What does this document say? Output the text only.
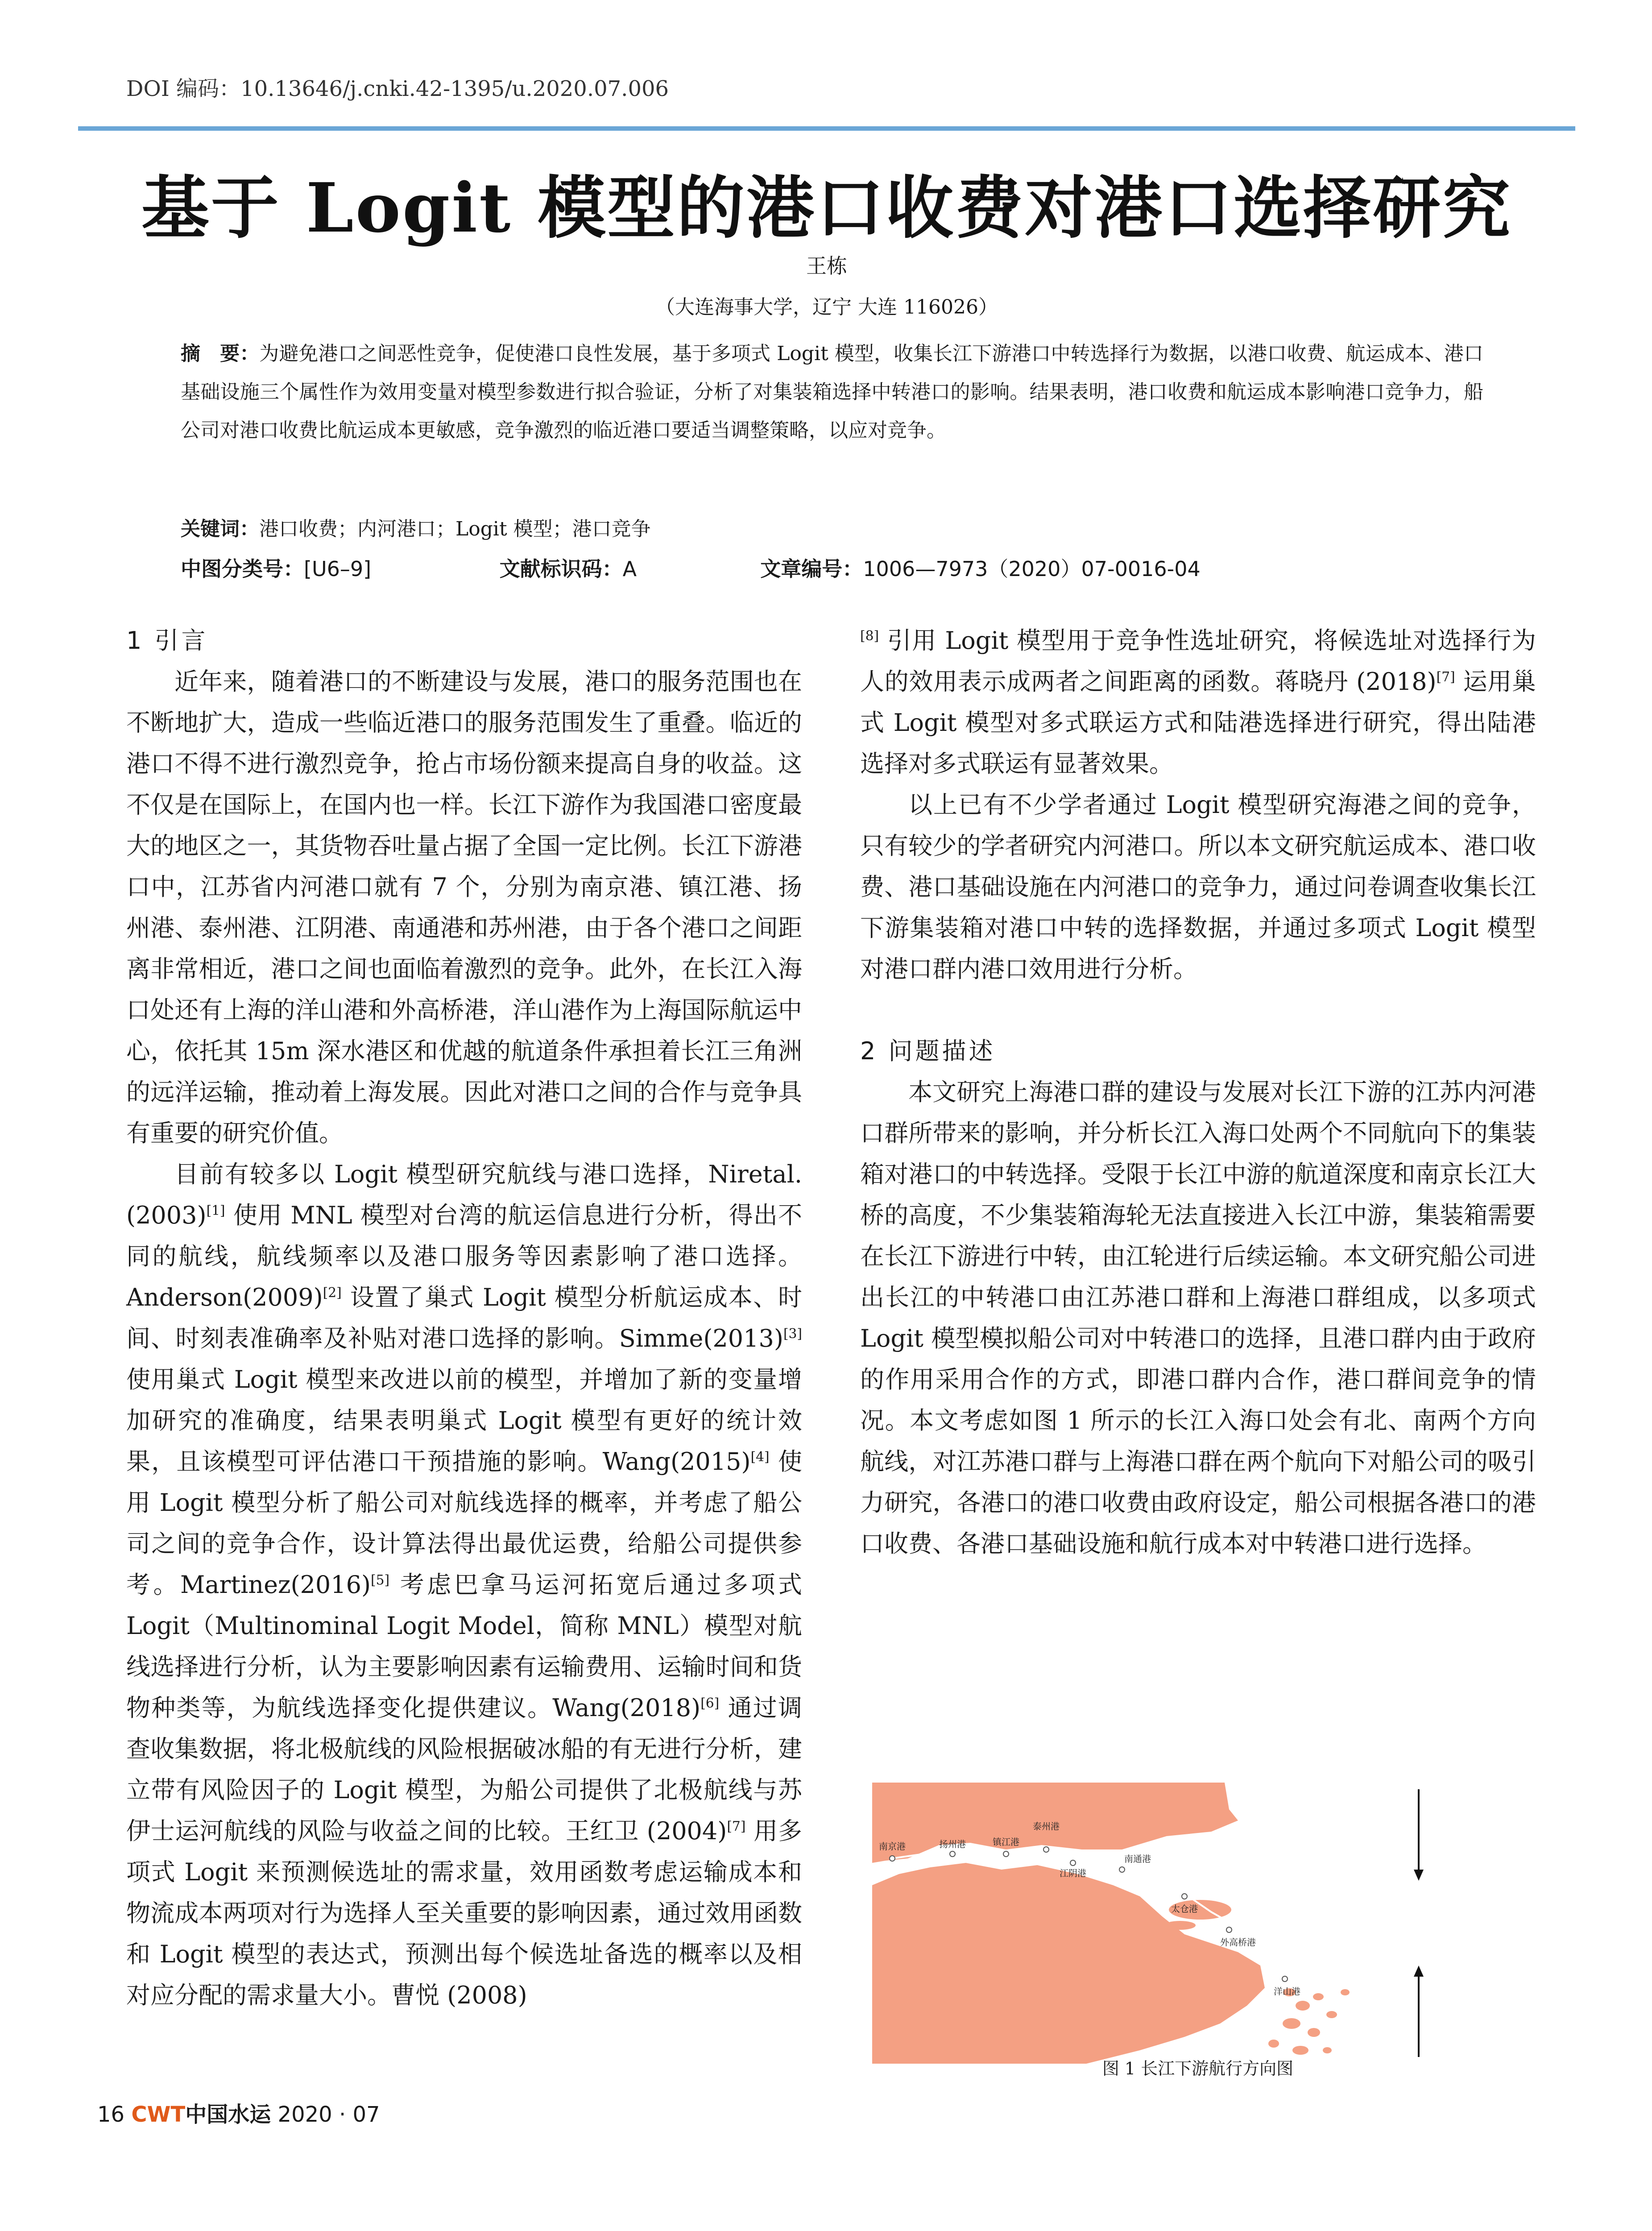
DOI 编码：10.13646/j.cnki.42-1395/u.2020.07.006
基于 Logit 模型的港口收费对港口选择研究
王栋
（大连海事大学，辽宁 大连 116026）
摘　要：为避免港口之间恶性竞争，促使港口良性发展，基于多项式 Logit 模型，收集长江下游港口中转选择行为数据，以港口收费、航运成本、港口基础设施三个属性作为效用变量对模型参数进行拟合验证，分析了对集装箱选择中转港口的影响。结果表明，港口收费和航运成本影响港口竞争力，船公司对港口收费比航运成本更敏感，竞争激烈的临近港口要适当调整策略，以应对竞争。
关键词：港口收费；内河港口；Logit 模型；港口竞争
中图分类号：[U6–9]	文献标识码：A	文章编号：1006—7973（2020）07-0016-04
1 引言

近年来，随着港口的不断建设与发展，港口的服务范围也在不断地扩大，造成一些临近港口的服务范围发生了重叠。临近的港口不得不进行激烈竞争，抢占市场份额来提高自身的收益。这不仅是在国际上，在国内也一样。长江下游作为我国港口密度最大的地区之一，其货物吞吐量占据了全国一定比例。长江下游港口中，江苏省内河港口就有 7 个，分别为南京港、镇江港、扬州港、泰州港、江阴港、南通港和苏州港，由于各个港口之间距离非常相近，港口之间也面临着激烈的竞争。此外，在长江入海口处还有上海的洋山港和外高桥港，洋山港作为上海国际航运中心，依托其 15m 深水港区和优越的航道条件承担着长江三角洲的远洋运输，推动着上海发展。因此对港口之间的合作与竞争具有重要的研究价值。

目前有较多以 Logit 模型研究航线与港口选择，Niretal.(2003)[1] 使用 MNL 模型对台湾的航运信息进行分析，得出不同的航线，航线频率以及港口服务等因素影响了港口选择。Anderson(2009)[2] 设置了巢式 Logit 模型分析航运成本、时间、时刻表准确率及补贴对港口选择的影响。Simme(2013)[3] 使用巢式 Logit 模型来改进以前的模型，并增加了新的变量增加研究的准确度，结果表明巢式 Logit 模型有更好的统计效果，且该模型可评估港口干预措施的影响。Wang(2015)[4] 使用 Logit 模型分析了船公司对航线选择的概率，并考虑了船公司之间的竞争合作，设计算法得出最优运费，给船公司提供参考。Martinez(2016)[5] 考虑巴拿马运河拓宽后通过多项式 Logit（Multinominal Logit Model，简称 MNL）模型对航线选择进行分析，认为主要影响因素有运输费用、运输时间和货物种类等，为航线选择变化提供建议。Wang(2018)[6] 通过调查收集数据，将北极航线的风险根据破冰船的有无进行分析，建立带有风险因子的 Logit 模型，为船公司提供了北极航线与苏伊士运河航线的风险与收益之间的比较。王红卫 (2004)[7] 用多项式 Logit 来预测候选址的需求量，效用函数考虑运输成本和物流成本两项对行为选择人至关重要的影响因素，通过效用函数和 Logit 模型的表达式，预测出每个候选址备选的概率以及相对应分配的需求量大小。曹悦 (2008)

[8] 引用 Logit 模型用于竞争性选址研究，将候选址对选择行为人的效用表示成两者之间距离的函数。蒋晓丹 (2018)[7] 运用巢式 Logit 模型对多式联运方式和陆港选择进行研究，得出陆港选择对多式联运有显著效果。

以上已有不少学者通过 Logit 模型研究海港之间的竞争，只有较少的学者研究内河港口。所以本文研究航运成本、港口收费、港口基础设施在内河港口的竞争力，通过问卷调查收集长江下游集装箱对港口中转的选择数据，并通过多项式 Logit 模型对港口群内港口效用进行分析。

2 问题描述

本文研究上海港口群的建设与发展对长江下游的江苏内河港口群所带来的影响，并分析长江入海口处两个不同航向下的集装箱对港口的中转选择。受限于长江中游的航道深度和南京长江大桥的高度，不少集装箱海轮无法直接进入长江中游，集装箱需要在长江下游进行中转，由江轮进行后续运输。本文研究船公司进出长江的中转港口由江苏港口群和上海港口群组成，以多项式 Logit 模型模拟船公司对中转港口的选择，且港口群内由于政府的作用采用合作的方式，即港口群内合作，港口群间竞争的情况。本文考虑如图 1 所示的长江入海口处会有北、南两个方向航线，对江苏港口群与上海港口群在两个航向下对船公司的吸引力研究，各港口的港口收费由政府设定，船公司根据各港口的港口收费、各港口基础设施和航行成本对中转港口进行选择。

南京港	扬州港	镇江港
泰州港
江阴港
南通港
太仓港
外高桥港
洋山港
图 1 长江下游航行方向图
16 CWT中国水运 2020 · 07
